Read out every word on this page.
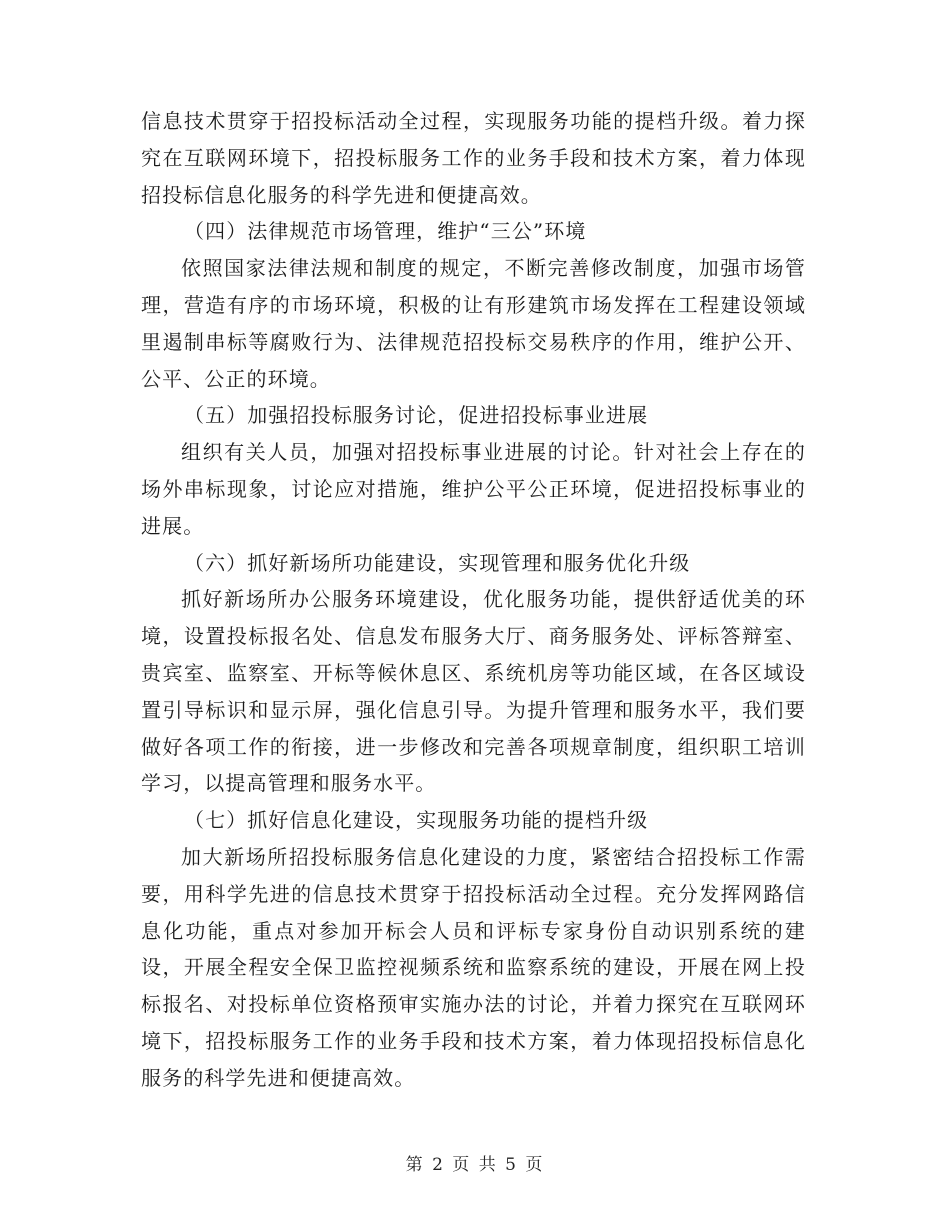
信息技术贯穿于招投标活动全过程，实现服务功能的提档升级。着力探究在互联网环境下，招投标服务工作的业务手段和技术方案，着力体现招投标信息化服务的科学先进和便捷高效。

（四）法律规范市场管理，维护“三公”环境

依照国家法律法规和制度的规定，不断完善修改制度，加强市场管理，营造有序的市场环境，积极的让有形建筑市场发挥在工程建设领域里遏制串标等腐败行为、法律规范招投标交易秩序的作用，维护公开、公平、公正的环境。

（五）加强招投标服务讨论，促进招投标事业进展

组织有关人员，加强对招投标事业进展的讨论。针对社会上存在的场外串标现象，讨论应对措施，维护公平公正环境，促进招投标事业的进展。

（六）抓好新场所功能建设，实现管理和服务优化升级

抓好新场所办公服务环境建设，优化服务功能，提供舒适优美的环境，设置投标报名处、信息发布服务大厅、商务服务处、评标答辩室、贵宾室、监察室、开标等候休息区、系统机房等功能区域，在各区域设置引导标识和显示屏，强化信息引导。为提升管理和服务水平，我们要做好各项工作的衔接，进一步修改和完善各项规章制度，组织职工培训学习，以提高管理和服务水平。

（七）抓好信息化建设，实现服务功能的提档升级

加大新场所招投标服务信息化建设的力度，紧密结合招投标工作需要，用科学先进的信息技术贯穿于招投标活动全过程。充分发挥网路信息化功能，重点对参加开标会人员和评标专家身份自动识别系统的建设，开展全程安全保卫监控视频系统和监察系统的建设，开展在网上投标报名、对投标单位资格预审实施办法的讨论，并着力探究在互联网环境下，招投标服务工作的业务手段和技术方案，着力体现招投标信息化服务的科学先进和便捷高效。

第 2 页 共 5 页
